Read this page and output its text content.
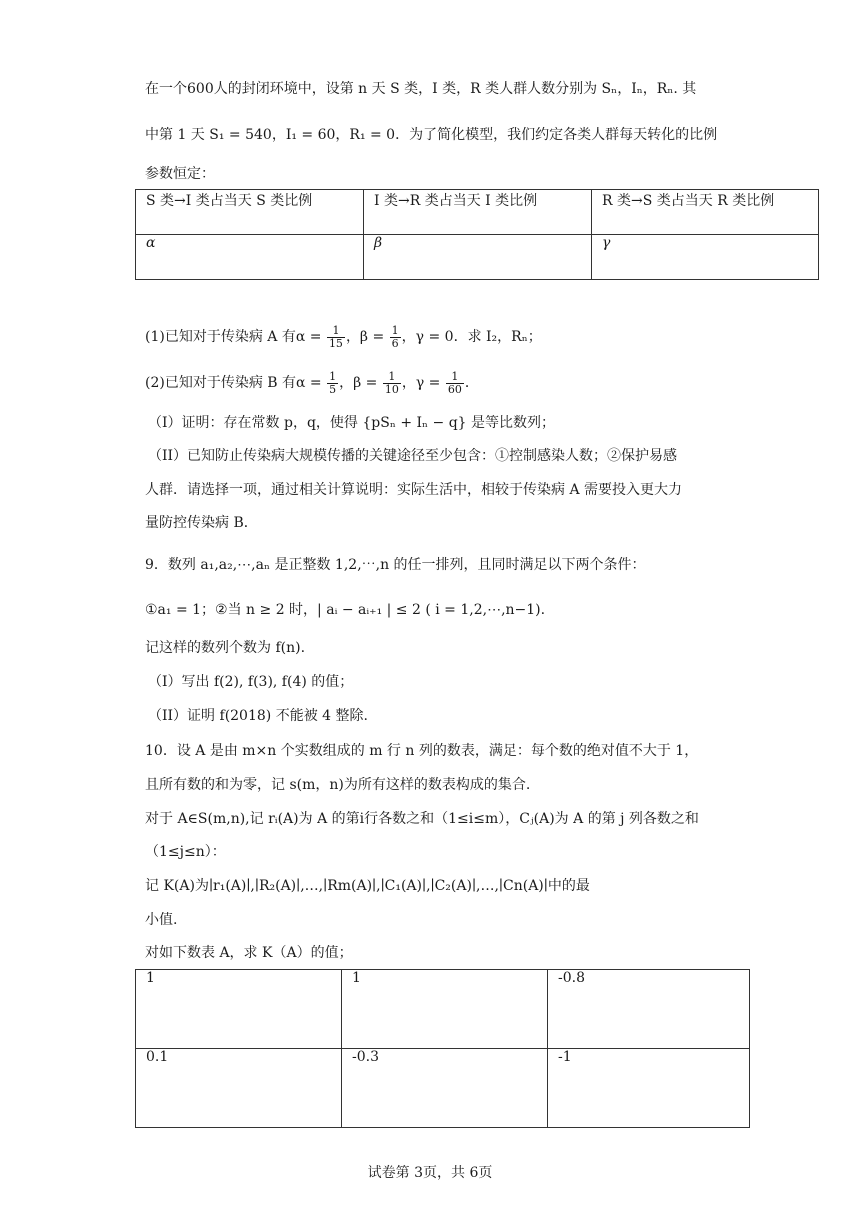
在一个600人的封闭环境中，设第 n 天 S 类，I 类，R 类人群人数分别为 Sₙ，Iₙ，Rₙ. 其
中第 1 天 S₁ = 540，I₁ = 60，R₁ = 0．为了简化模型，我们约定各类人群每天转化的比例
参数恒定：
S 类→I 类占当天 S 类比例	I 类→R 类占当天 I 类比例	R 类→S 类占当天 R 类比例
α	β	γ
(1)已知对于传染病 A 有$\alpha = \frac{1}{15}$ ，$\beta = \frac{1}{6}$ ，γ = 0．求 I₂，Rₙ；
(2)已知对于传染病 B 有$\alpha = \frac{1}{5}$ ，$\beta = \frac{1}{10}$ ，$\gamma = \frac{1}{60}$ ．
（I）证明：存在常数 p，q，使得 {pSₙ + Iₙ − q} 是等比数列；
（II）已知防止传染病大规模传播的关键途径至少包含：①控制感染人数；②保护易感
人群．请选择一项，通过相关计算说明：实际生活中，相较于传染病 A 需要投入更大力
量防控传染病 B．
9．数列 a₁,a₂,⋯,aₙ 是正整数 1,2,⋯,n 的任一排列，且同时满足以下两个条件：
①a₁ = 1；②当 n ≥ 2 时，| aᵢ − aᵢ₊₁ | ≤ 2 ( i = 1,2,⋯,n−1).
记这样的数列个数为 f(n).
（I）写出 f(2), f(3), f(4) 的值；
（II）证明 f(2018) 不能被 4 整除.
10．设 A 是由 m×n 个实数组成的 m 行 n 列的数表，满足：每个数的绝对值不大于 1，
且所有数的和为零，记 s(m，n)为所有这样的数表构成的集合.
对于 A∈S(m,n),记 rᵢ(A)为 A 的第i行各数之和（1≤i≤m），Cⱼ(A)为 A 的第 j 列各数之和
（1≤j≤n）：
记 K(A)为∣r₁(A)∣,∣R₂(A)∣,…,∣Rm(A)∣,∣C₁(A)∣,∣C₂(A)∣,…,∣Cn(A)∣中的最
小值.
对如下数表 A，求 K（A）的值；
1	1	-0.8
0.1	-0.3	-1
试卷第 3页，共 6页
